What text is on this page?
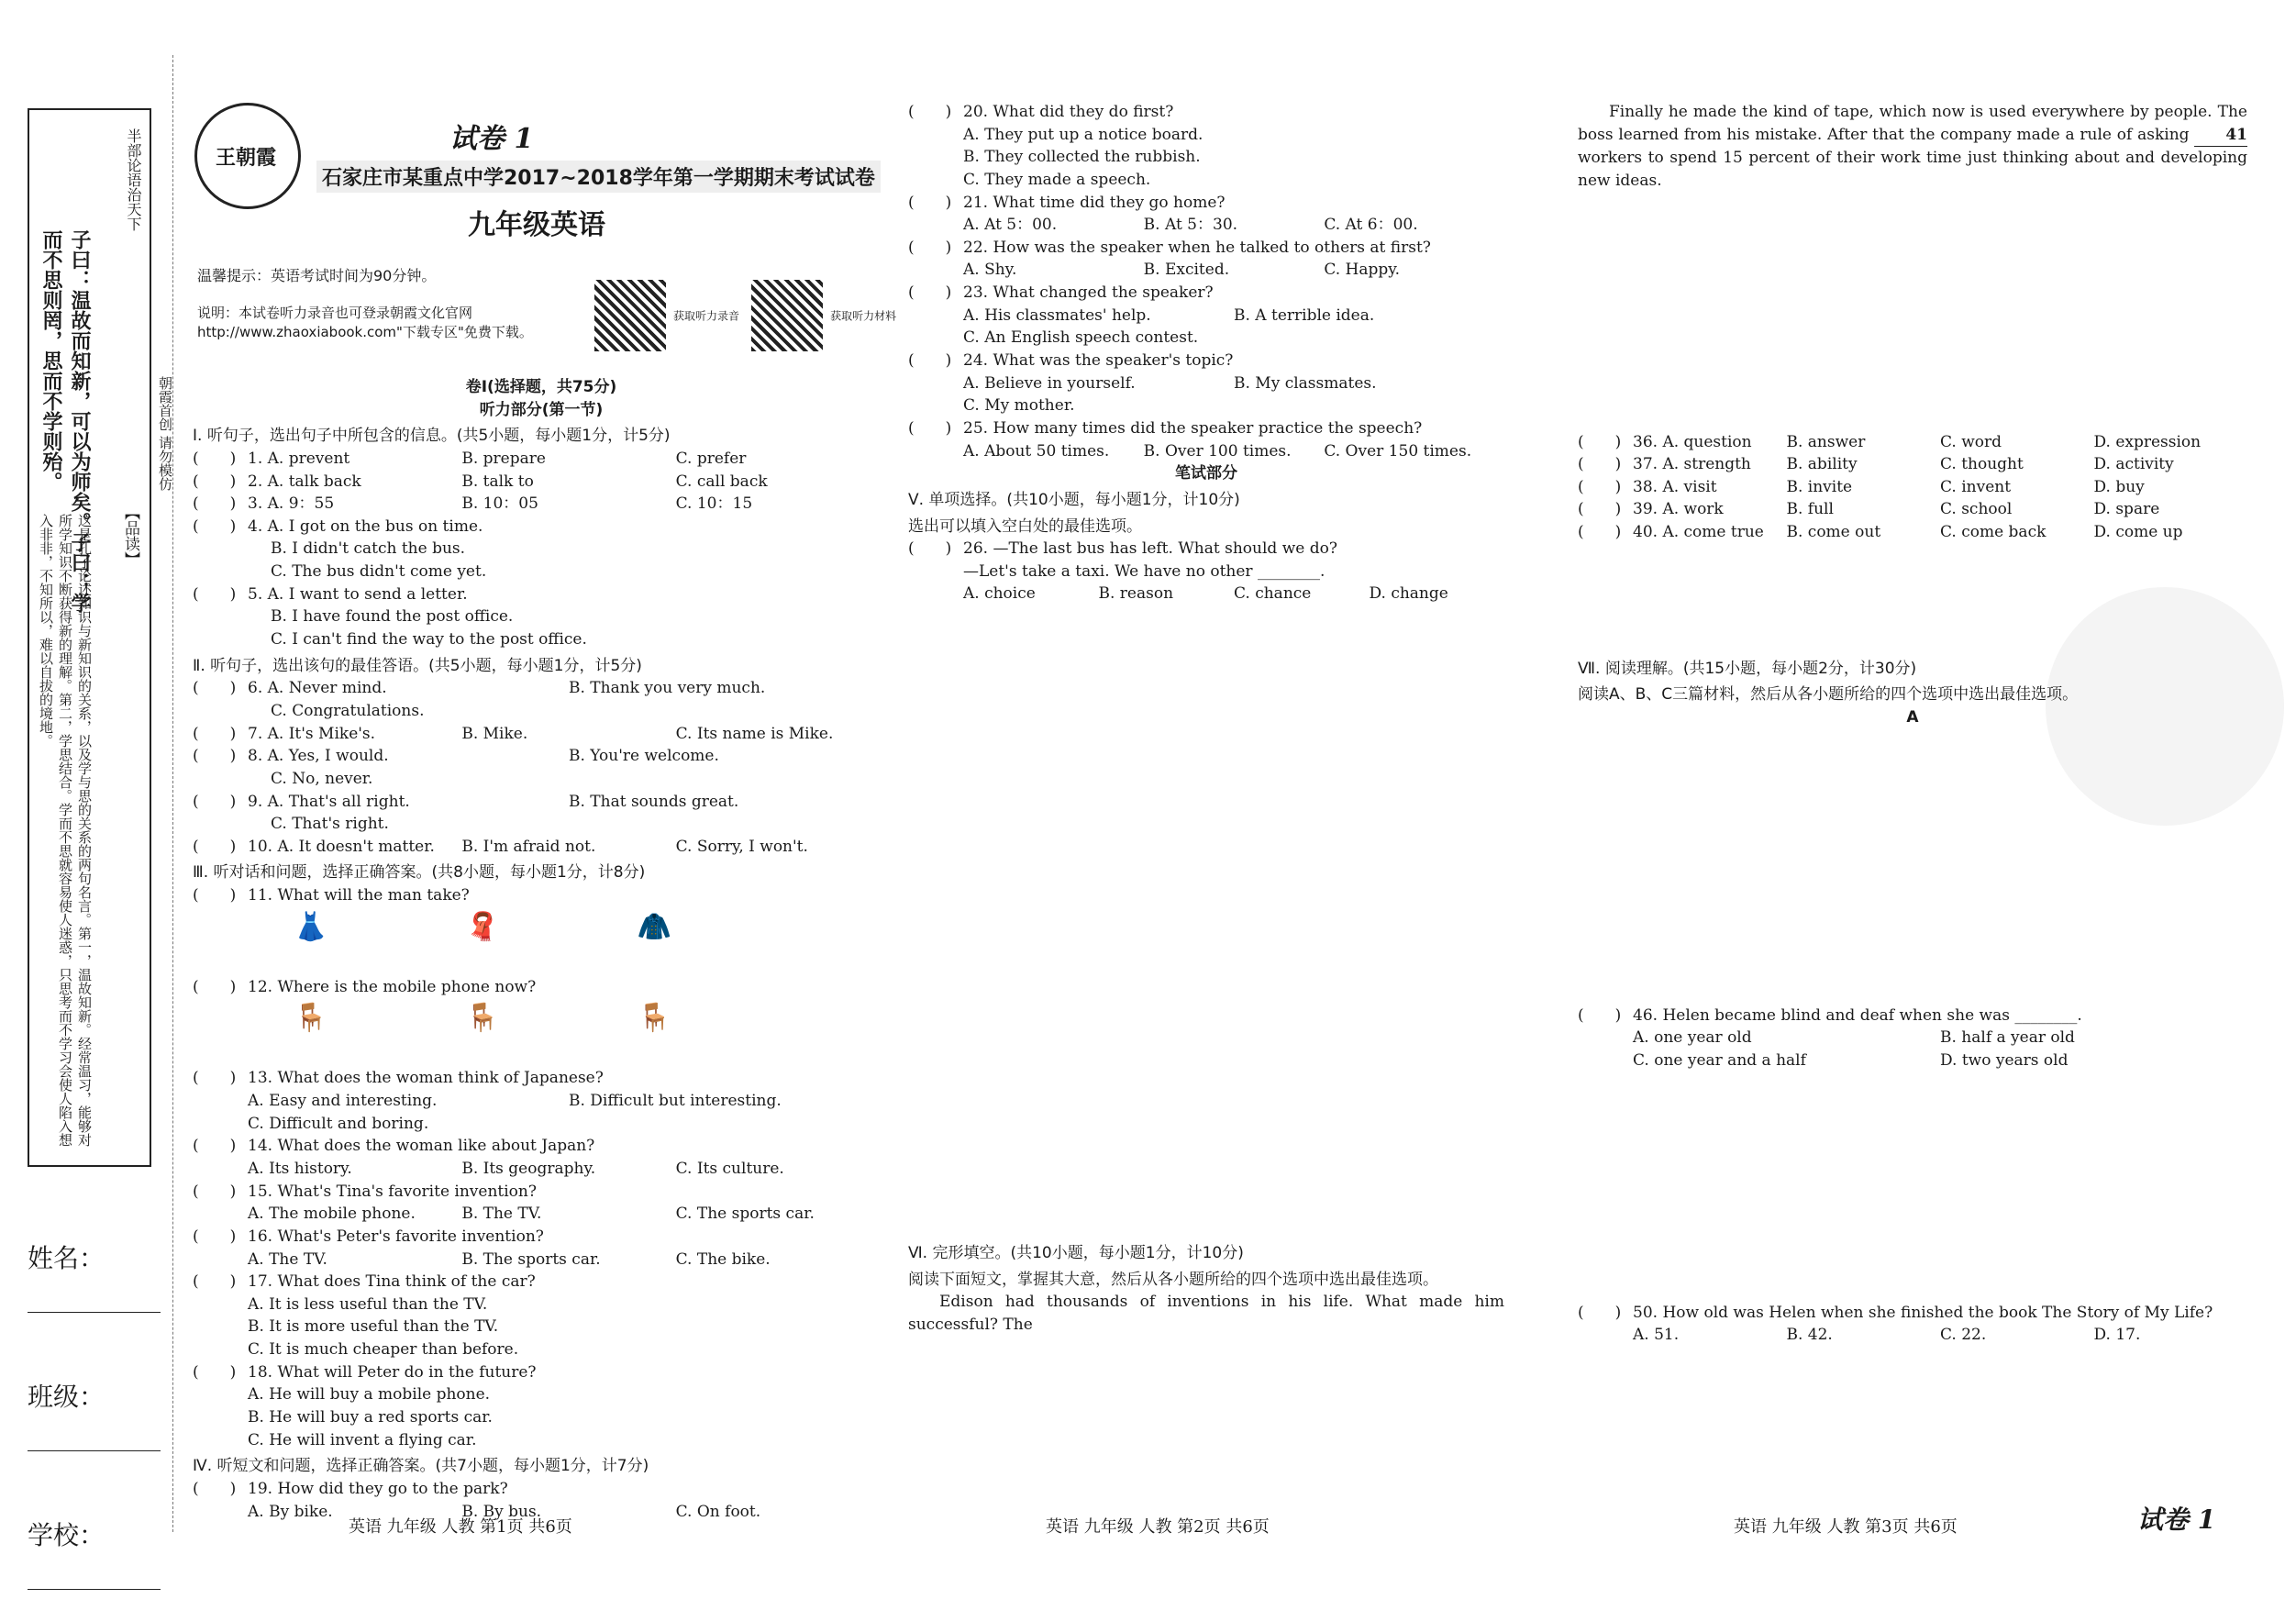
半部论语治天下
子曰：温故而知新，可以为师矣。子曰：学而不思则罔，思而不学则殆。
【品读】
这是孔子论述知识与新知识的关系，以及学与思的关系的两句名言。第一，温故知新。经常温习，能够对所学知识不断获得新的理解。第二，学思结合。学而不思就容易使人迷惑，只思考而不学习会使人陷入想入非非，不知所以，难以自拔的境地。
朝霞首创 请勿模仿
姓名：
班级：
学校：
王朝霞
试卷 1
石家庄市某重点中学2017~2018学年第一学期期末考试试卷
九年级英语
温馨提示：英语考试时间为90分钟。
说明：本试卷听力录音也可登录朝霞文化官网 http://www.zhaoxiabook.com"下载专区"免费下载。
获取听力录音	获取听力材料
卷Ⅰ(选择题，共75分)
听力部分(第一节)
Ⅰ. 听句子，选出句子中所包含的信息。(共5小题，每小题1分，计5分)
(　　) 1. A. prevent	B. prepare	C. prefer
(　　) 2. A. talk back	B. talk to	C. call back
(　　) 3. A. 9：55	B. 10：05	C. 10：15
(　　) 4. A. I got on the bus on time.
B. I didn't catch the bus.
C. The bus didn't come yet.
(　　) 5. A. I want to send a letter.
B. I have found the post office.
C. I can't find the way to the post office.
Ⅱ. 听句子，选出该句的最佳答语。(共5小题，每小题1分，计5分)
(　　) 6. A. Never mind.	B. Thank you very much.
C. Congratulations.
(　　) 7. A. It's Mike's.	B. Mike.	C. Its name is Mike.
(　　) 8. A. Yes, I would.	B. You're welcome.
C. No, never.
(　　) 9. A. That's all right.	B. That sounds great.
C. That's right.
(　　) 10. A. It doesn't matter.	B. I'm afraid not.	C. Sorry, I won't.
Ⅲ. 听对话和问题，选择正确答案。(共8小题，每小题1分，计8分)
(　　) 11. What will the man take?
👗🧣🧥
(　　) 12. Where is the mobile phone now?
🪑🪑🪑
(　　) 13. What does the woman think of Japanese?
A. Easy and interesting.	B. Difficult but interesting.
C. Difficult and boring.
(　　) 14. What does the woman like about Japan?
A. Its history.	B. Its geography.	C. Its culture.
(　　) 15. What's Tina's favorite invention?
A. The mobile phone.	B. The TV.	C. The sports car.
(　　) 16. What's Peter's favorite invention?
A. The TV.	B. The sports car.	C. The bike.
(　　) 17. What does Tina think of the car?
A. It is less useful than the TV.
B. It is more useful than the TV.
C. It is much cheaper than before.
(　　) 18. What will Peter do in the future?
A. He will buy a mobile phone.
B. He will buy a red sports car.
C. He will invent a flying car.
Ⅳ. 听短文和问题，选择正确答案。(共7小题，每小题1分，计7分)
(　　) 19. How did they go to the park?
A. By bike.	B. By bus.	C. On foot.
(　　) 20. What did they do first?
A. They put up a notice board.
B. They collected the rubbish.
C. They made a speech.
(　　) 21. What time did they go home?
A. At 5：00.	B. At 5：30.	C. At 6：00.
(　　) 22. How was the speaker when he talked to others at first?
A. Shy.	B. Excited.	C. Happy.
(　　) 23. What changed the speaker?
A. His classmates' help.	B. A terrible idea.
C. An English speech contest.
(　　) 24. What was the speaker's topic?
A. Believe in yourself.	B. My classmates.
C. My mother.
(　　) 25. How many times did the speaker practice the speech?
A. About 50 times.	B. Over 100 times.	C. Over 150 times.
笔试部分
Ⅴ. 单项选择。(共10小题，每小题1分，计10分)
选出可以填入空白处的最佳选项。
(　　) 26. —The last bus has left. What should we do?
—Let's take a taxi. We have no other ________.
A. choice	B. reason	C. chance	D. change
Ⅵ. 完形填空。(共10小题，每小题1分，计10分)
阅读下面短文，掌握其大意，然后从各小题所给的四个选项中选出最佳选项。
Edison had thousands of inventions in his life. What made him successful? The
Finally he made the kind of tape, which now is used everywhere by people. The boss learned from his mistake. After that the company made a rule of asking 41 workers to spend 15 percent of their work time just thinking about and developing new ideas.
(　　) 36. A. question	B. answer	C. word	D. expression
(　　) 37. A. strength	B. ability	C. thought	D. activity
(　　) 38. A. visit	B. invite	C. invent	D. buy
(　　) 39. A. work	B. full	C. school	D. spare
(　　) 40. A. come true	B. come out	C. come back	D. come up
Ⅶ. 阅读理解。(共15小题，每小题2分，计30分)
阅读A、B、C三篇材料，然后从各小题所给的四个选项中选出最佳选项。
A
(　　) 46. Helen became blind and deaf when she was ________.
A. one year old	B. half a year old
C. one year and a half	D. two years old
(　　) 50. How old was Helen when she finished the book The Story of My Life?
A. 51.	B. 42.	C. 22.	D. 17.
英语 九年级 人教 第1页 共6页	英语 九年级 人教 第2页 共6页	英语 九年级 人教 第3页 共6页	试卷 1
